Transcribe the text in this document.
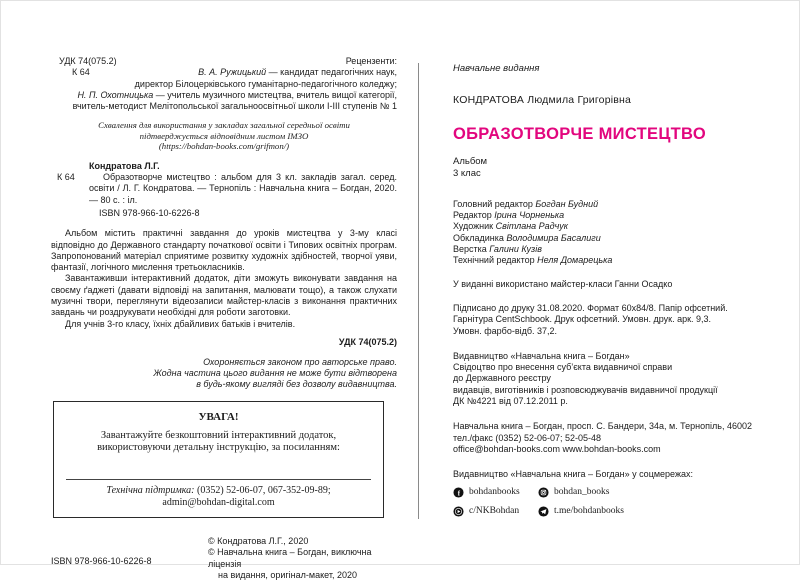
УДК 74(075.2)
К 64
Рецензенти:
В. А. Ружицький — кандидат педагогічних наук,
директор Білоцерківського гуманітарно-педагогічного коледжу;
Н. П. Охотницька — учитель музичного мистецтва, вчитель вищої категорії,
вчитель-методист Мелітопольської загальноосвітньої школи І-ІІІ ступенів № 1
Схвалення для використання у закладах загальної середньої освіти
підтверджується відповідним листом ІМЗО
(https://bohdan-books.com/grifmon/)
Кондратова Л.Г.
К 64	Образотворче мистецтво : альбом для 3 кл. закладів загал. серед. освіти / Л. Г. Кондратова. — Тернопіль : Навчальна книга – Богдан, 2020. — 80 с. : іл.

ISBN 978-966-10-6226-8

Альбом містить практичні завдання до уроків мистецтва у 3-му класі відповідно до Державного стандарту початкової освіти і Типових освітніх програм. Запропонований матеріал сприятиме розвитку художніх здібностей, творчої уяви, фантазії, логічного мислення третьокласників.

Завантаживши інтерактивний додаток, діти зможуть виконувати завдання на своєму ґаджеті (давати відповіді на запитання, малювати тощо), а також слухати музичні твори, переглянути відеозаписи майстер-класів з виконання практичних завдань чи роздрукувати необхідні для роботи заготовки.

Для учнів 3-го класу, їхніх дбайливих батьків і вчителів.

УДК 74(075.2)
Охороняється законом про авторське право.
Жодна частина цього видання не може бути відтворена
в будь-якому вигляді без дозволу видавництва.
УВАГА!
Завантажуйте безкоштовний інтерактивний додаток,
використовуючи детальну інструкцію, за посиланням:
Технічна підтримка: (0352) 52-06-07, 067-352-09-89;
admin@bohdan-digital.com
ISBN 978-966-10-6226-8
© Кондратова Л.Г., 2020
© Навчальна книга – Богдан, виключна ліцензія
на видання, оригінал-макет, 2020
Навчальне видання
КОНДРАТОВА Людмила Григорівна
ОБРАЗОТВОРЧЕ МИСТЕЦТВО
Альбом
3 клас
Головний редактор Богдан Будний
Редактор Ірина Чорненька
Художник Світлана Радчук
Обкладинка Володимира Басалиги
Верстка Галини Кузів
Технічний редактор Неля Домарецька
У виданні використано майстер-класи Ганни Осадко
Підписано до друку 31.08.2020. Формат 60х84/8. Папір офсетний.
Гарнітура CentSchbook. Друк офсетний. Умовн. друк. арк. 9,3.
Умовн. фарбо-відб. 37,2.
Видавництво «Навчальна книга – Богдан»
Свідоцтво про внесення суб’єкта видавничої справи
до Державного реєстру
видавців, виготівників і розповсюджувачів видавничої продукції
ДК №4221 від 07.12.2011 р.
Навчальна книга – Богдан, просп. С. Бандери, 34а, м. Тернопіль, 46002
тел./факс (0352) 52-06-07; 52-05-48
office@bohdan-books.com www.bohdan-books.com
Видавництво «Навчальна книга – Богдан» у соцмережах:
f bohdanbooks	bohdan_books
c/NKBohdan	t.me/bohdanbooks
